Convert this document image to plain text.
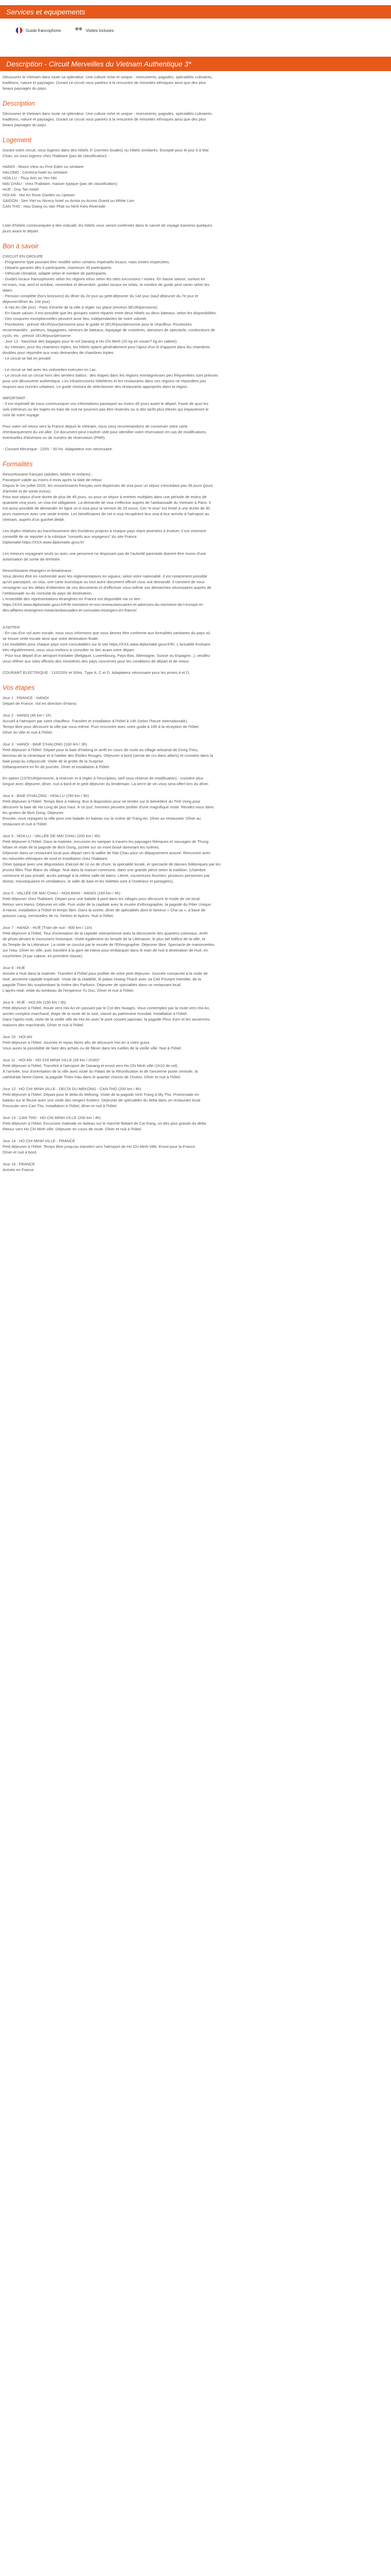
Services et equipements
Guide francophone	Visites incluses
Description - Circuit Merveilles du Vietnam Authentique 3*

Découvrez le Vietnam dans toute sa splendeur. Une culture riche et unique : monuments, pagodes, spécialités culinaires,

traditions, nature et paysages. Durant ce circuit vous partirez à la rencontre de minorités ethniques ainsi que des plus

beaux paysages du pays.

Description

Découvrez le Vietnam dans toute sa splendeur. Une culture riche et unique : monuments, pagodes, spécialités culinaires,

traditions, nature et paysages. Durant ce circuit vous partirez à la rencontre de minorités ethniques ainsi que des plus

beaux paysages du pays.

Logement

Durant votre circuit, vous logerez dans des hôtels 3* (normes locales) ou hôtels similaires. Excepté pour le jour 5 à Mai

Chau, où vous logerez chez l'habitant (pas de classification) :

HANOI : Mooni View ou First Eden ou similaire

HALONG : Centrica hotel ou similaire

HOA LU : Thuy Anh ou Yen Nhi

MAI CHAU : chez l'habitant, maison typique (pas de classification)

HUE : Duy Tan Hotel

HOI AN : Hoi An Rose Garden ou Uptown

SAIGON : Sen Viet ou Nicecy hotel ou Arista ou Acnos Grand ou White Lion

CAN THO : Hau Giang ou Van Phat ou Ninh Kieu Riverside

Liste d'hôtels communiquée à titre indicatif, les hôtels vous seront confirmés dans le carnet de voyage transmis quelques

jours avant le départ.

Bon à savoir

CIRCUIT EN GROUPE

- Programme type pouvant être modifié selon certains impératifs locaux, mais visites respectées.

- Départs garantis dès 4 participants, maximum 30 participants.

- Véhicule climatisé, adapté selon le nombre de participants.

- Guides locaux francophones selon les régions et/ou selon les sites excursions / visites. En basse saison, surtout en

mi-mars, mai, avril et octobre, novembre et décembre, guides locaux en relais, le nombre de guide peut varier selon les

dates.

- Pension complète (hors boissons) du dîner du 2e jour au petit-déjeuner du 14e jour (sauf déjeuner du 7e jour et

déjeuner/dîner du 10e jour).

- À Hoi An (9e jour) : Pass d'entrée de la ville à régler sur place (environ 5EUR/personne).

- En haute saison, il est possible que les groupes soient répartis entre deux hôtels ou deux bateaux, selon les disponibilités.

- Des coupures exceptionnelles peuvent avoir lieu, indépendantes de notre volonté.

- Pourboires : prévoir 4EUR/jour/personne pour le guide et 2EUR/jour/personne pour le chauffeur. Pourboires

recommandés : porteurs, bagagistes, rameurs de bateaux, équipage de croisières, danseurs de spectacle, conducteurs de

cyclo, etc : prévoir 1EUR/jour/personne.

- Jour 13 : franchise des bagages pour le vol Danang à Ho Chi Minh (20 kg en soute/7 kg en cabine).

- Au Vietnam, pour les chambres triples, les hôtels optent généralement pour l'ajout d'un lit d'appoint dans les chambres

doubles pour répondre aux vrais demandes de chambres triples.

- Le circuit se fait en privatif.

- Le circuit se fait avec les voiturettes exécuter en Lac.

- Le circuit est un circuit hors des sentiers battus : des étapes dans les régions montagneuses peu fréquentées sont prévues

pour une découverte authentique. Les infrastructures hôtelières et les restaurants dans ces régions ne répondent pas

toujours aux normes urbaines. Le guide choisira de sélectionner des restaurants appropriés dans la région.

IMPORTANT :

- Il est impératif de nous communiquer vos informations passeport au moins 45 jours avant le départ. Faute de quoi les

vols intérieurs ou les trajets en train de nuit ne pourront pas être réservés ou si des tarifs plus élevés qui impacteront le

coût de votre voyage.

Pour votre vol retour vers la France depuis le Vietnam, nous vous recommandons de conserver votre carte

d'embarquement du vol aller. Ce document peut s'avérer utile pour identifier votre réservation en cas de modifications

éventuelles d'itinéraire ou de numéro de réservation (PNR).

- Courant électrique : 220V - 50 Hz. Adaptateur non nécessaire.

Formalités

Ressortissants français (adultes, bébés et enfants) :

Passeport valide au moins 6 mois après la date de retour.

Depuis le 1er juillet 2025, les ressortissants français sont dispensés de visa pour un séjour n'excédant pas 45 jours (jours

d'arrivée et de sortie inclus).

Pour tout séjour d'une durée de plus de 45 jours, ou pour un séjour à entrées multiples dans une période de moins de

quarante cinq jours, un visa est obligatoire. La demande de visa s'effectue auprès de l'ambassade du Vietnam à Paris. Il

est aussi possible de demander en ligne un e-visa pour la version de 25 euros. Cet "e-visa" est limité à une durée de 90

jours maximum avec une seule entrée. Les bénéficiaires de cet e-visa récupèrent leur visa à leur arrivée à l'aéroport au

Vietnam, auprès d'un guichet dédié.

Les règles relatives au franchissement des frontières propres à chaque pays étant amenées à évoluer, il est vivement

conseillé de se reporter à la rubrique "conseils aux voyageurs" du site France

Diplomatie:https://XXX.www.diplomatie.gouv.fr/

Les mineurs voyageant seuls ou avec une personne ne disposant pas de l'autorité parentale doivent être munis d'une

autorisation de sortie de territoire.

Ressortissants étrangers et binationaux :

Vous devrez être en conformité avec les réglementations en vigueur, selon votre nationalité. Il est notamment possible

qu'un passeport, un visa, une carte touristique ou tout autre document officiel vous soit demandé. Il convient de vous

renseigner sur les délais d'obtention de ces documents et d'effectuer vous-même vos démarches nécessaires auprès de

l'ambassade ou du consulat du pays de destination.

L'ensemble des représentations étrangères en France est disponible via ce lien :

https://XXX.www.diplomatie.gouv.fr/fr/le-ministere-et-son-reseau/annuaires-et-adresses-du-ministere-de-l-europe-et-

des-affaires-etrangeres-meae/ambassades-et-consulats-etrangers-en-france/

A NOTER

- En cas d'un vol avec escale, nous vous informons que vous devrez être conforme aux formalités sanitaires du pays où

se trouve cette escale ainsi que votre destination finale.

Les modalités pour chaque pays sont consultables sur le site https://XXX.www.diplomatie.gouv.fr/fr/. L'actualité évoluant

très régulièrement, nous vous invitons à consulter ce lien avant votre départ.

- Pour tout départ d'un aéroport frontalier (Belgique, Luxembourg, Pays-Bas, Allemagne, Suisse ou Espagne...), veuillez

vous référer aux sites officiels des ministères des pays concernés pour les conditions de départ et de retour.

COURANT ELECTRIQUE : 110/220V et 50Hz. Type A, C et D. Adaptateur nécessaire pour les prises A et D.

Vos étapes

Jour 1 : FRANCE - HANOI

Départ de France. Vol en direction d'Hanoi.

Jour 2 : HANOI (45 km / 1h)

Accueil à l'aéroport par votre chauffeur. Transfert et installation à l'hôtel à 14h (selon l'heure internationale).

Temps libre pour découvrir la ville par vous-même. Puis rencontre avec votre guide à 19h à la réception de l'hôtel.

Dîner en ville et nuit à l'hôtel.

Jour 3 : HANOI - BAIE D'HALONG (160 km / 3h)

Petit déjeuner à l'hôtel. Départ pour la baie d'Halong et arrêt en cours de route au village artisanal de Dong Trieu,

berceau de la céramique et à l'atelier des Étoiles Rouges. Déjeuner à bord (servie de cru dans altiers) et croisière dans la

baie jusqu'au crépuscule. Visite de la grotte de la Surprise.

Débarquement en fin de journée. Dîner et installation à l'hôtel.

En option (137EUR/personne, à réserver et à régler à l'inscription, tarif sous réserve de modification) : croisière plus

longue avec déjeuner, dîner, nuit à bord et le petit déjeuner du lendemain. La verre de vin vous sera offert lors du dîner.

Jour 4 : BAIE D'HALONG - HOA LU (250 km / 5h)

Petit déjeuner à l'hôtel. Temps libre à Halong. Bus à disposition pour se rendre sur le belvédère du Tinh Vong pour

découvrir la baie de Ha Long de plus haut. À ce jour, hommes peuvent profiter d'une magnifique visite. Rendez-vous dans

les grottes de Bich Dong. Déjeuner.

Ensuite, vous rejoignez la ville pour une balade en bateau sur la rivière de Trang An. Dîner au restaurant. Dîner au

restaurant et nuit à l'hôtel.

Jour 5 : HOA LU - VALLÉE DE MAI CHAU (200 km / 4h)

Petit déjeuner à l'hôtel. Dans la matinée, excursion en sampan à travers les paysages féériques et sauvages de Thung

Nham et visite de la pagode de Bich Dong, juchée sur un mont boisé dominant les rizières.

Déjeuner dans un restaurant local puis départ vers la vallée de Mai Chau pour un dépaysement assuré. Rencontre avec

les minorités ethniques de nord et installation chez l'habitant.

Dîner typique avec une dégustation d'alcool de riz ou de chum, la spécialité locale, et spectacle de danses folkloriques par les

jeunes filles Thaï Blanc du village. Nuit dans la maison commune, dans une grande pièce selon la tradition. (chambre

commune et pas privatif, accès partagé à la même salle de bains. Literie, couvertures fournies, plusieurs personnes par

dortoir, moustiquaires et ventilateurs, le salle de bain et les toilettes sont à l'extérieur et partagées).

Jour 6 : VALLÉE DE MAI CHAU - HOA BINH - HANOI (160 km / 4h)

Petit déjeuner chez l'habitant. Départ pour une balade à pied dans les villages pour découvrir le mode de vie local.

Retour vers Hanoi. Déjeuner en ville. Puis visite de la capitale avec le musée d'ethnographie, la pagode du Pilier Unique.

A Hanoi, installation à l'hôtel et temps libre. Dans la soirée, dîner de spécialités dont le fameux « Cha ca », à base de

poisson Lang, vermicelles de riz, herbes et épices. Nuit à l'hôtel.

Jour 7 : HANOI - HUÉ (Train de nuit - 900 km / 11h)

Petit déjeuner à l'hôtel. Tour d'orientation de la capitale vietnamienne avec la découverte des quartiers coloniaux. Arrêt

de photo devant le monument historique. Visite également du temple de la Littérature, le plus bel édifice de la ville, et

du Temple de la Littérature. La visite se conclut par le musée de l'Ethnographie. Déjeuner libre. Spectacle de marionnettes

sur l'eau. Dîner en ville, puis transfert à la gare de Hanoi pour embarquer dans le train de nuit à destination de Hué, en

couchettes (4 par cabine, en première classe).

Jour 8 : HUÉ

Arrivée à Hué dans la matinée. Transfert à l'hôtel pour profiter de votre petit déjeuner. Journée consacrée à la visite de

Hué, ancienne capitale impériale. Visite de la citadelle, le palais Hoang Thanh avec sa Cité Pourpre Interdite, de la

pagode Thien Mu surplombant la rivière des Parfums. Déjeuner de spécialités dans un restaurant local.

L'après-midi, visite du tombeau de l'empereur Tu Duc. Dîner et nuit à l'hôtel.

Jour 9 : HUÉ - HOI AN (150 km / 3h)

Petit déjeuner à l'hôtel. Route vers Hoi An en passant par le Col des Nuages. Vous contemplez par la route vers Hoi An,

ancien comptoir marchand, étape de la route de la soie, classé au patrimoine mondial. Installation à l'hôtel.

Dans l'après-midi, visite de la vieille ville de Hoi An avec le pont couvert japonais, la pagode Phuc Kien et les anciennes

maisons des marchands. Dîner et nuit à l'hôtel.

Jour 10 : HOI AN

Petit déjeuner à l'hôtel. Journée et repas libres afin de découvrir Hoi An à votre guise.

Vous aurez la possibilité de faire des achats ou de flâner dans les ruelles de la vieille ville. Nuit à l'hôtel.

Jour 11 : HOI AN - HO CHI MINH VILLE (35 km / 2h30)*

Petit déjeuner à l'hôtel. Transfert à l'aéroport de Danang et envol vers Ho Chi Minh ville (1h10 de vol).

À l'arrivée, tour d'orientation de la ville avec visite du Palais de la Réunification et de l'ancienne poste centrale, la

cathédrale Notre-Dame, la pagode Thien Hau dans le quartier chinois de Cholon. Dîner et nuit à l'hôtel.

Jour 12 : HO CHI MINH VILLE - DELTA DU MEKONG - CAN THO (200 km / 4h)

Petit déjeuner à l'hôtel. Départ pour le delta du Mékong. Visite de la pagode Vinh Trang à My Tho. Promenade en

bateau sur le fleuve avec une visite des vergers fruitiers. Déjeuner de spécialités du delta dans un restaurant local.

Poursuite vers Can Tho. Installation à l'hôtel, dîner et nuit à l'hôtel.

Jour 13 : CAN THO - HO CHI MINH VILLE (200 km / 4h)

Petit déjeuner à l'hôtel. Excursion matinale en bateau sur le marché flottant de Cai Rang, un des plus grands du delta.

Retour vers Ho Chi Minh ville. Déjeuner en cours de route. Dîner et nuit à l'hôtel.

Jour 14 : HO CHI MINH VILLE - FRANCE

Petit déjeuner à l'hôtel. Temps libre jusqu'au transfert vers l'aéroport de Ho Chi Minh Ville. Envol pour la France.

Dîner et nuit à bord.

Jour 15 : FRANCE

Arrivée en France.
